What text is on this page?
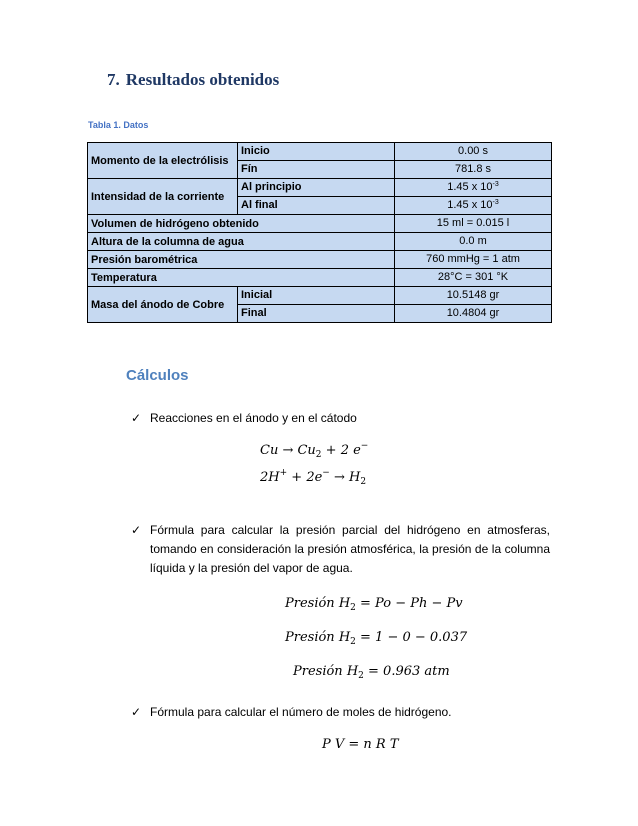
7. Resultados obtenidos
Tabla 1. Datos
Momento de la electrólisis	Inicio	0.00 s
	Fín	781.8 s
Intensidad de la corriente	Al principio	1.45 x $10^{-3}$
	Al final	1.45 x $10^{-3}$
Volumen de hidrógeno obtenido		15 ml = 0.015 l
Altura de la columna de agua		0.0 m
Presión barométrica		760 mmHg = 1 atm
Temperatura		28°C = 301 °K
Masa del ánodo de Cobre	Inicial	10.5148 gr
	Final	10.4804 gr
Cálculos
✓ Reacciones en el ánodo y en el cátodo
$Cu \to Cu_2 + 2$ e−
$2H^+ + 2e^- \to H_2$
✓ Fórmula para calcular la presión parcial del hidrógeno en atmosferas, tomando en consideración la presión atmosférica, la presión de la columna líquida y la presión del vapor de agua.
Presión $H_2 = Po - Ph - Pv$
Presión $H_2 = 1 - 0 - 0.037$
Presión $H_2 = 0.963$ atm
✓ Fórmula para calcular el número de moles de hidrógeno.
P V = n R T
